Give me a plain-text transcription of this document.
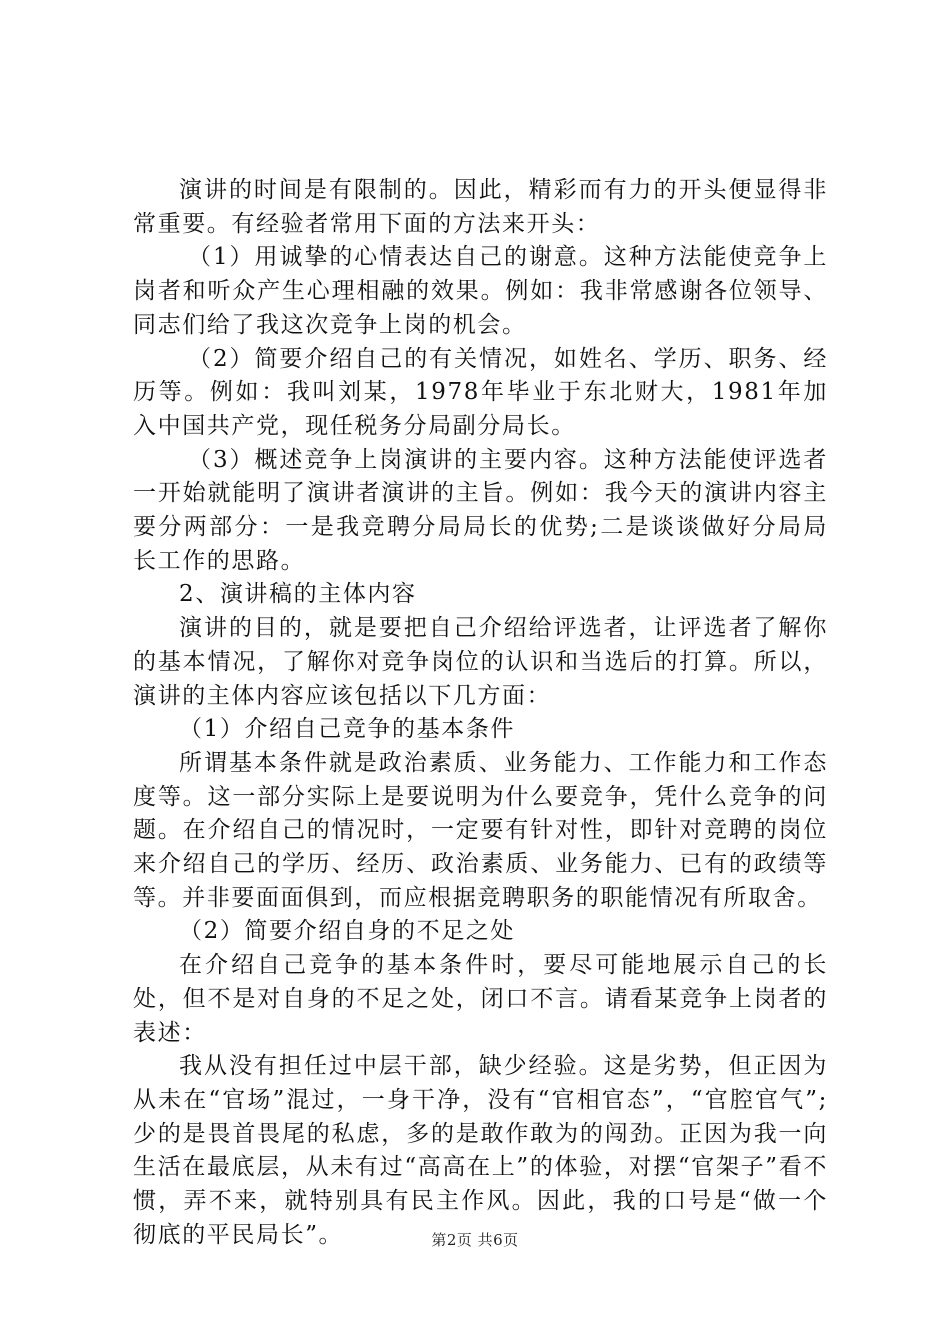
演讲的时间是有限制的。因此，精彩而有力的开头便显得非常重要。有经验者常用下面的方法来开头：

（1）用诚挚的心情表达自己的谢意。这种方法能使竞争上岗者和听众产生心理相融的效果。例如：我非常感谢各位领导、同志们给了我这次竞争上岗的机会。

（2）简要介绍自己的有关情况，如姓名、学历、职务、经历等。例如：我叫刘某，1978年毕业于东北财大，1981年加入中国共产党，现任税务分局副分局长。

（3）概述竞争上岗演讲的主要内容。这种方法能使评选者一开始就能明了演讲者演讲的主旨。例如：我今天的演讲内容主要分两部分：一是我竞聘分局局长的优势;二是谈谈做好分局局长工作的思路。

2、演讲稿的主体内容

演讲的目的，就是要把自己介绍给评选者，让评选者了解你的基本情况，了解你对竞争岗位的认识和当选后的打算。所以，演讲的主体内容应该包括以下几方面：

（1）介绍自己竞争的基本条件

所谓基本条件就是政治素质、业务能力、工作能力和工作态度等。这一部分实际上是要说明为什么要竞争，凭什么竞争的问题。在介绍自己的情况时，一定要有针对性，即针对竞聘的岗位来介绍自己的学历、经历、政治素质、业务能力、已有的政绩等等。并非要面面俱到，而应根据竞聘职务的职能情况有所取舍。

（2）简要介绍自身的不足之处

在介绍自己竞争的基本条件时，要尽可能地展示自己的长处，但不是对自身的不足之处，闭口不言。请看某竞争上岗者的表述：

我从没有担任过中层干部，缺少经验。这是劣势，但正因为从未在“官场”混过，一身干净，没有“官相官态”，“官腔官气”;少的是畏首畏尾的私虑，多的是敢作敢为的闯劲。正因为我一向生活在最底层，从未有过“高高在上”的体验，对摆“官架子”看不惯，弄不来，就特别具有民主作风。因此，我的口号是“做一个彻底的平民局长”。	第2页 共6页
